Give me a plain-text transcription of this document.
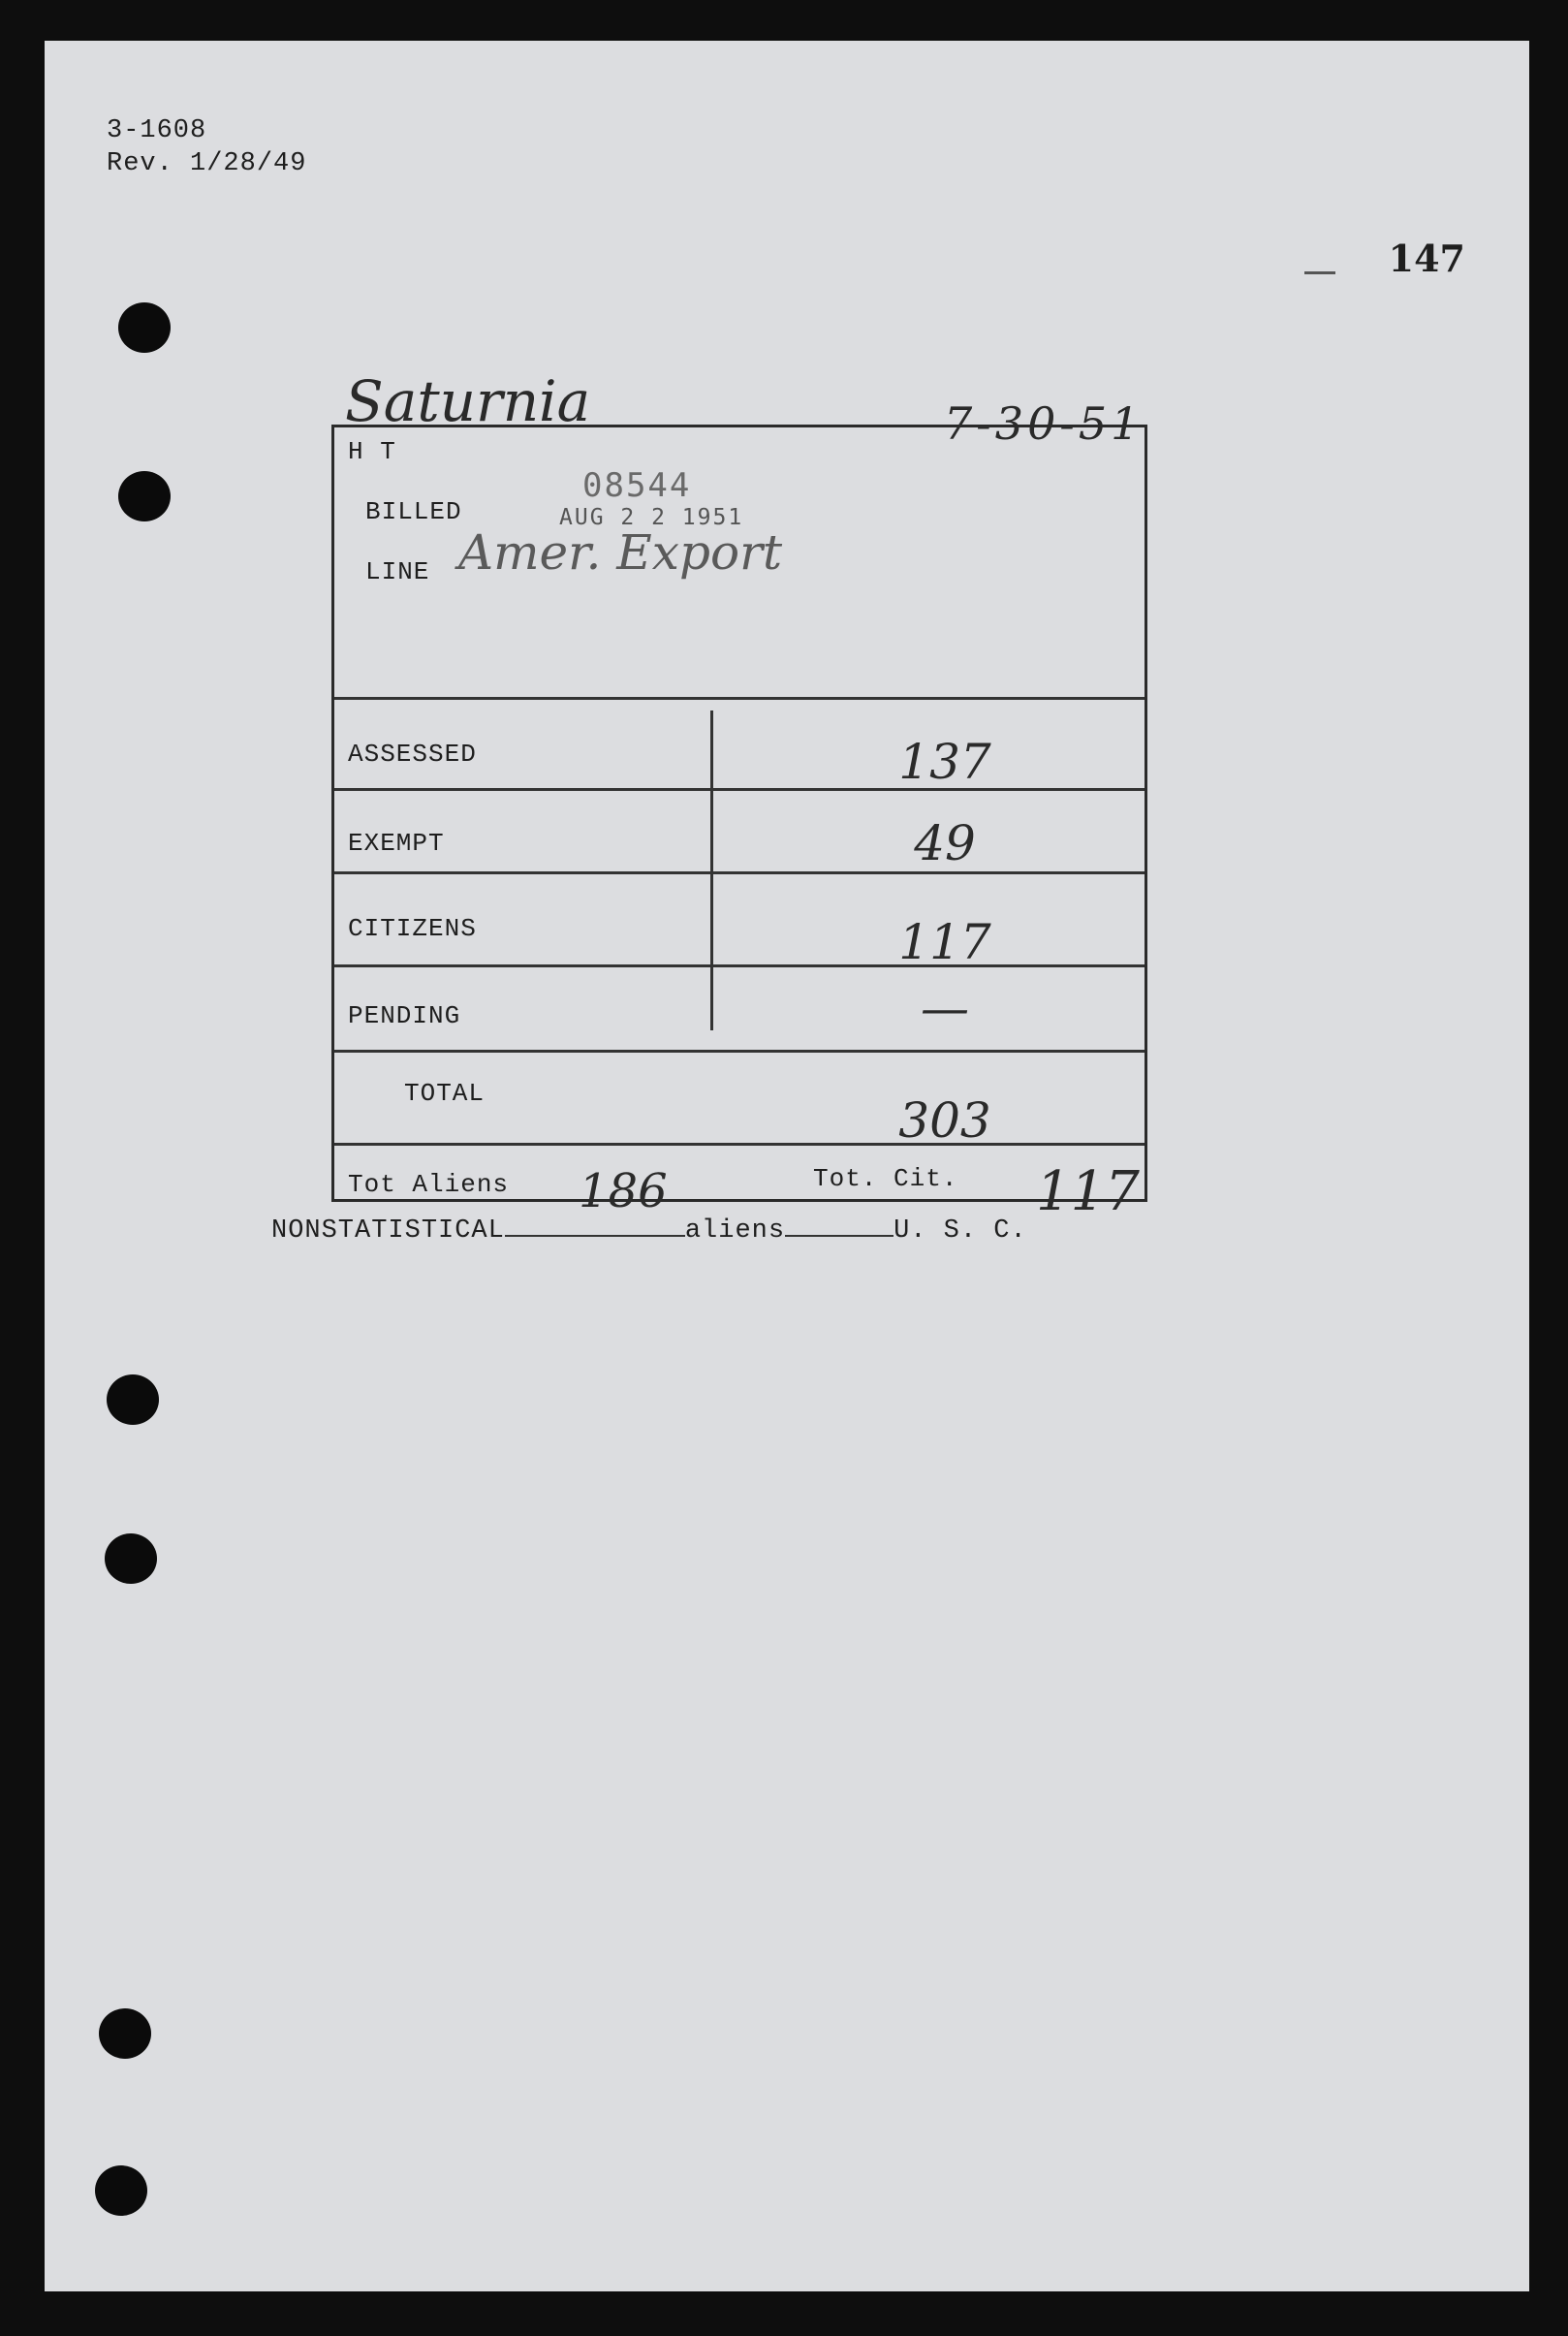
3-1608
Rev. 1/28/49
147
Saturnia	7-30-51
H T
BILLED
08544
AUG 2 2 1951
LINE Amer. Export
ASSESSED	137
EXEMPT	49
CITIZENS	117
PENDING	—
TOTAL	303
Tot Aliens 186	Tot. Cit. 117
NONSTATISTICAL	aliens	U. S. C.
